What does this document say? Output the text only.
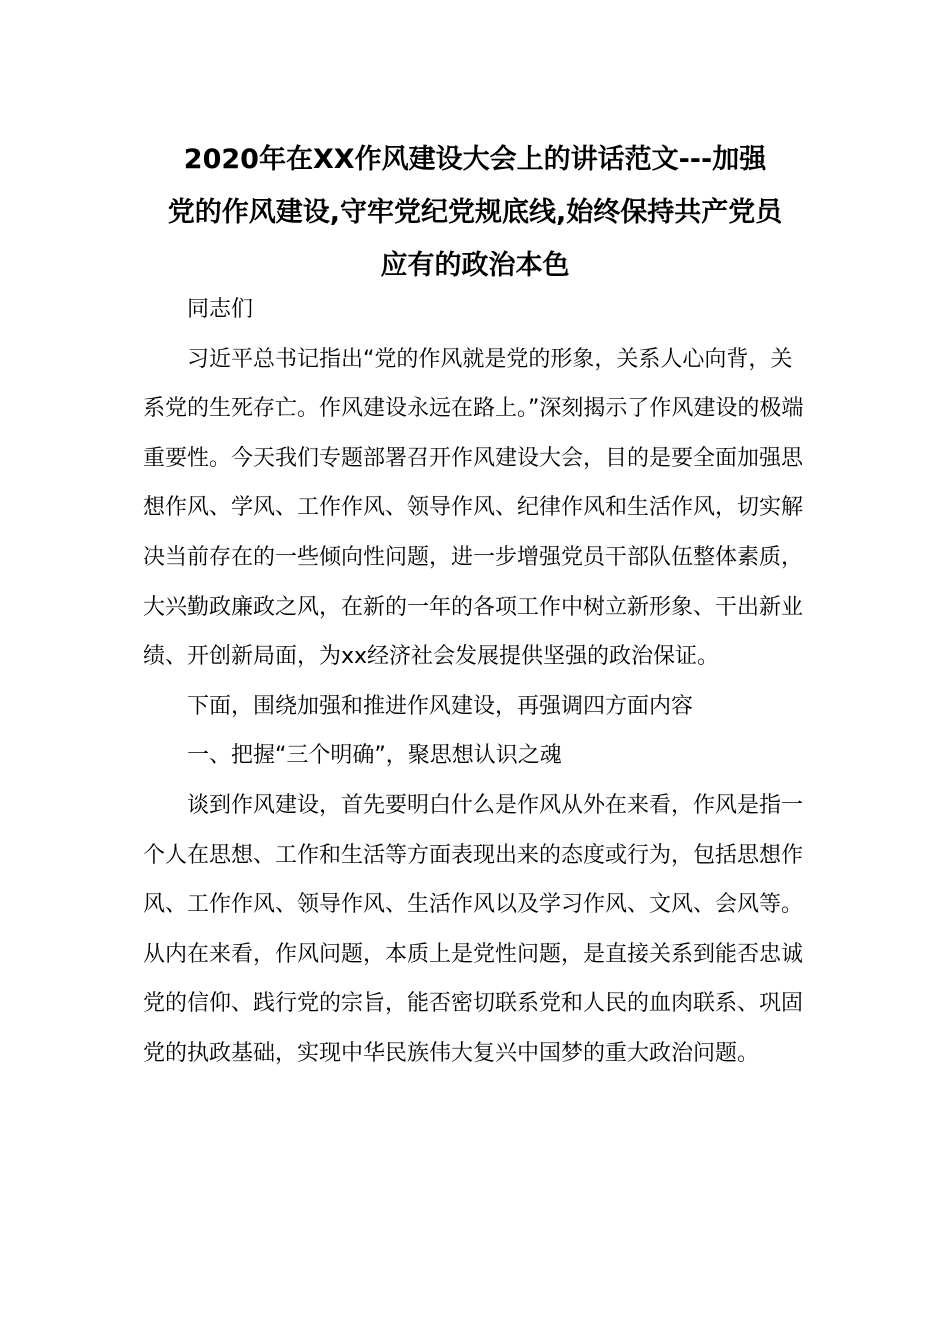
2020年在XX作风建设大会上的讲话范文---加强
党的作风建设,守牢党纪党规底线,始终保持共产党员
应有的政治本色

同志们

习近平总书记指出“党的作风就是党的形象，关系人心向背，关系党的生死存亡。作风建设永远在路上。”深刻揭示了作风建设的极端重要性。今天我们专题部署召开作风建设大会，目的是要全面加强思想作风、学风、工作作风、领导作风、纪律作风和生活作风，切实解决当前存在的一些倾向性问题，进一步增强党员干部队伍整体素质，大兴勤政廉政之风，在新的一年的各项工作中树立新形象、干出新业绩、开创新局面，为xx经济社会发展提供坚强的政治保证。

下面，围绕加强和推进作风建设，再强调四方面内容

一、把握“三个明确”，聚思想认识之魂

谈到作风建设，首先要明白什么是作风从外在来看，作风是指一个人在思想、工作和生活等方面表现出来的态度或行为，包括思想作风、工作作风、领导作风、生活作风以及学习作风、文风、会风等。从内在来看，作风问题，本质上是党性问题，是直接关系到能否忠诚党的信仰、践行党的宗旨，能否密切联系党和人民的血肉联系、巩固党的执政基础，实现中华民族伟大复兴中国梦的重大政治问题。
